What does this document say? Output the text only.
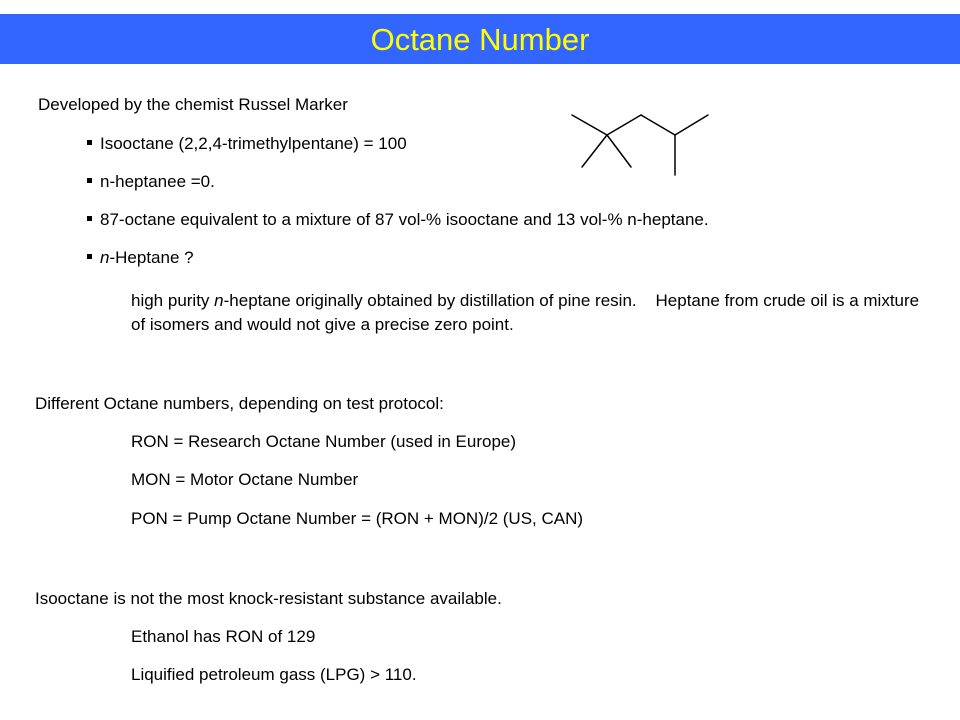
Octane Number
Developed by the chemist Russel Marker
Isooctane (2,2,4-trimethylpentane) = 100
n-heptanee =0.
87-octane equivalent to a mixture of 87 vol-% isooctane and 13 vol-% n-heptane.
n-Heptane ?
high purity n-heptane originally obtained by distillation of pine resin.    Heptane from crude oil is a mixture of isomers and would not give a precise zero point.
Different Octane numbers, depending on test protocol:
RON = Research Octane Number (used in Europe)
MON = Motor Octane Number
PON = Pump Octane Number = (RON + MON)/2 (US, CAN)
Isooctane is not the most knock-resistant substance available.
Ethanol has RON of 129
Liquified petroleum gass (LPG) > 110.
